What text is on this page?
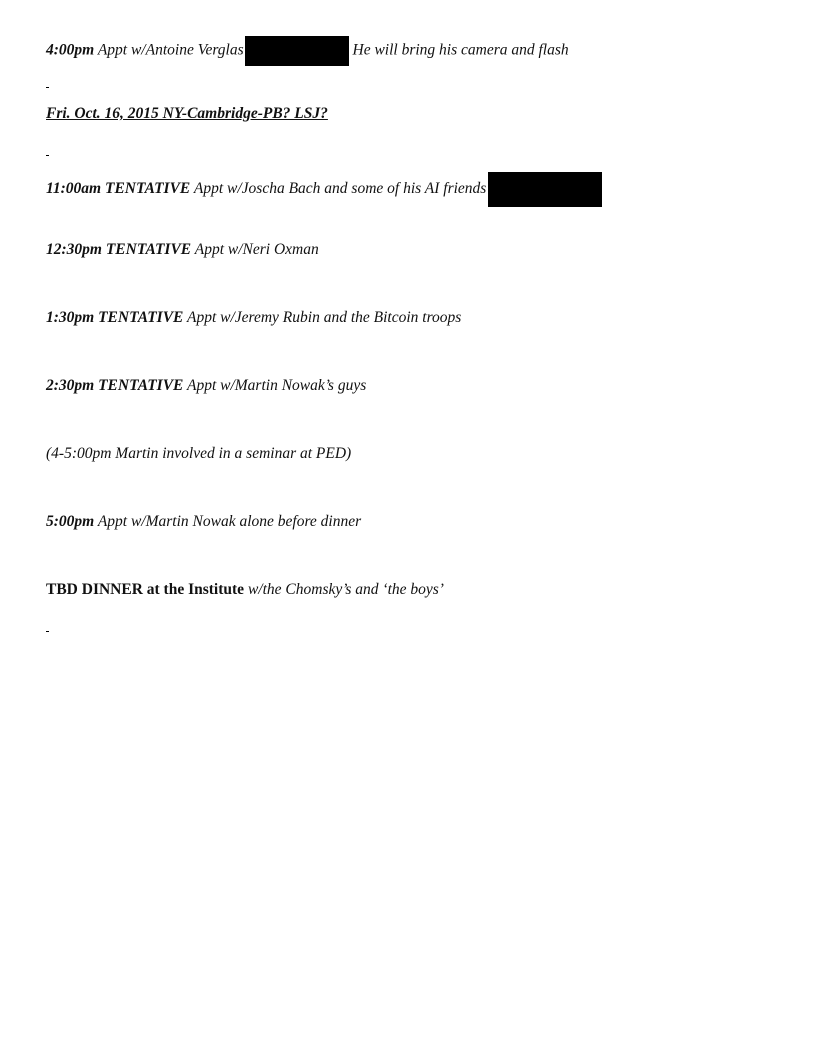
4:00pm Appt w/Antoine Verglas	He will bring his camera and flash
Fri. Oct. 16, 2015 NY-Cambridge-PB? LSJ?
11:00am TENTATIVE Appt w/Joscha Bach and some of his AI friends
12:30pm TENTATIVE Appt w/Neri Oxman
1:30pm TENTATIVE Appt w/Jeremy Rubin and the Bitcoin troops
2:30pm TENTATIVE Appt w/Martin Nowak’s guys
(4-5:00pm Martin involved in a seminar at PED)
5:00pm Appt w/Martin Nowak alone before dinner
TBD DINNER at the Institute w/the Chomsky’s and ‘the boys’
